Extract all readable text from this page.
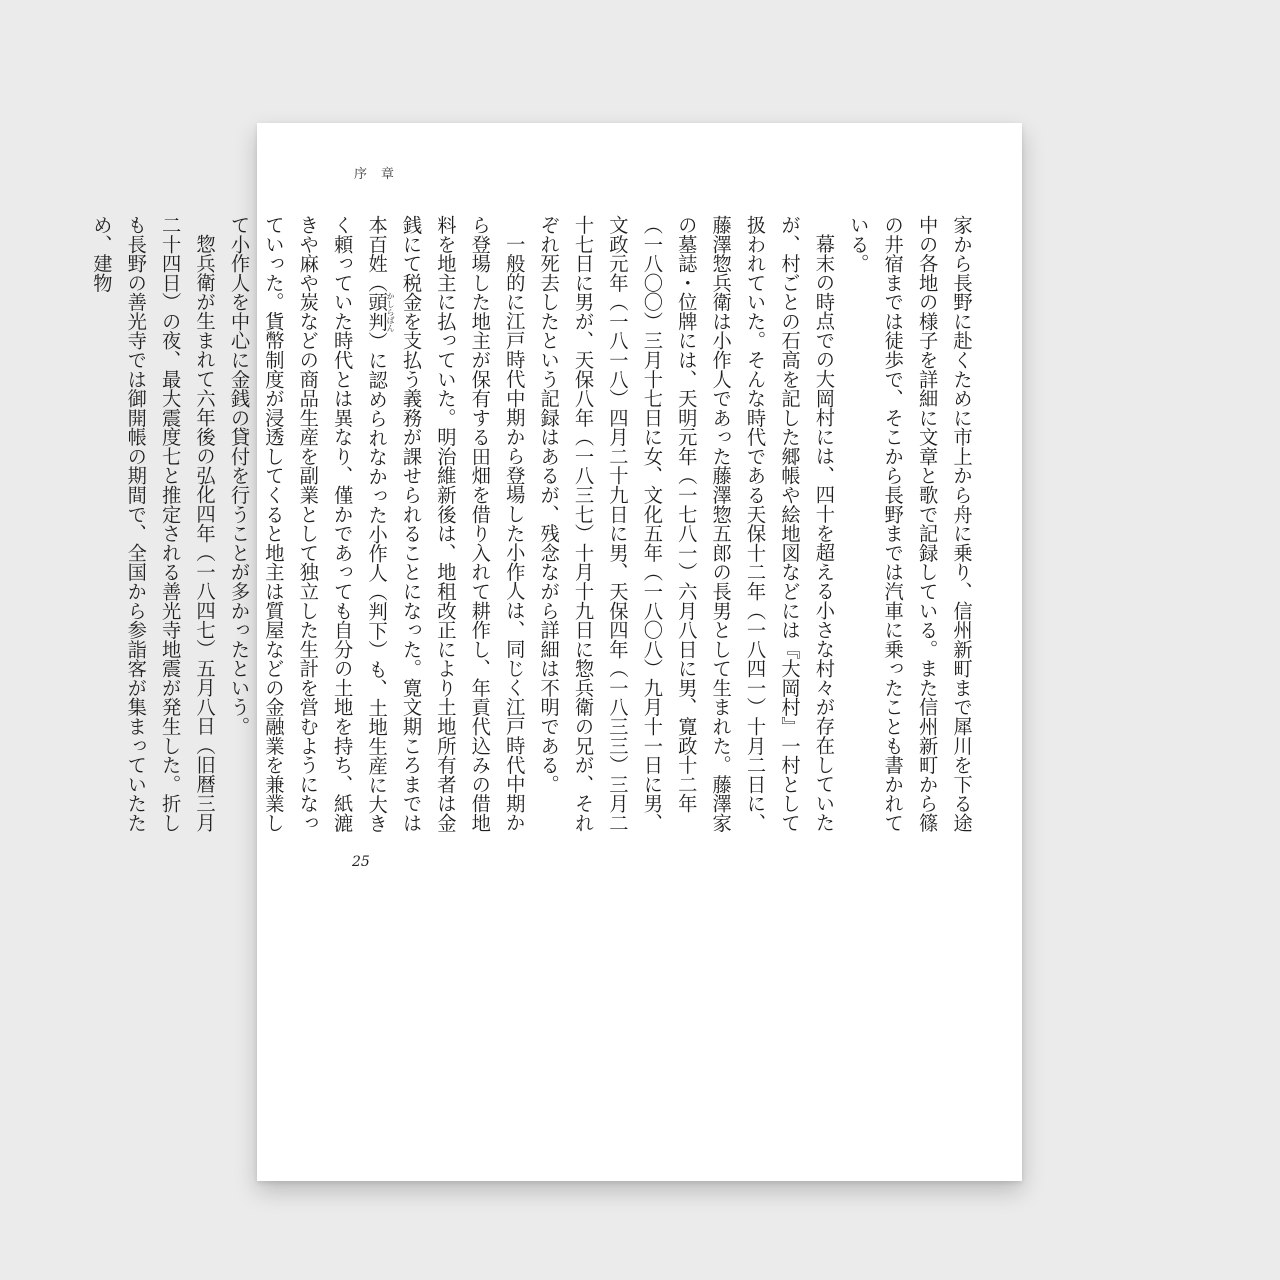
序章

家から長野に赴くために市上から舟に乗り、信州新町まで犀川を下る途中の各地の様子を詳細に文章と歌で記録している。また信州新町から篠の井宿までは徒歩で、そこから長野までは汽車に乗ったことも書かれている。

幕末の時点での大岡村には、四十を超える小さな村々が存在していたが、村ごとの石高を記した郷帳や絵地図などには『大岡村』一村として扱われていた。そんな時代である天保十二年（一八四一）十月二日に、藤澤惣兵衛は小作人であった藤澤惣五郎の長男として生まれた。藤澤家の墓誌・位牌には、天明元年（一七八一）六月八日に男、寛政十二年（一八〇〇）三月十七日に女、文化五年（一八〇八）九月十一日に男、文政元年（一八一八）四月二十九日に男、天保四年（一八三三）三月二十七日に男が、天保八年（一八三七）十月十九日に惣兵衛の兄が、それぞれ死去したという記録はあるが、残念ながら詳細は不明である。

一般的に江戸時代中期から登場した小作人は、同じく江戸時代中期から登場した地主が保有する田畑を借り入れて耕作し、年貢代込みの借地料を地主に払っていた。明治維新後は、地租改正により土地所有者は金銭にて税金を支払う義務が課せられることになった。寛文期ころまでは本百姓（頭判かしらばん）に認められなかった小作人（判下）も、土地生産に大きく頼っていた時代とは異なり、僅かであっても自分の土地を持ち、紙漉きや麻や炭などの商品生産を副業として独立した生計を営むようになっていった。貨幣制度が浸透してくると地主は質屋などの金融業を兼業して小作人を中心に金銭の貸付を行うことが多かったという。

惣兵衛が生まれて六年後の弘化四年（一八四七）五月八日（旧暦三月二十四日）の夜、最大震度七と推定される善光寺地震が発生した。折しも長野の善光寺では御開帳の期間で、全国から参詣客が集まっていたため、建物

25
